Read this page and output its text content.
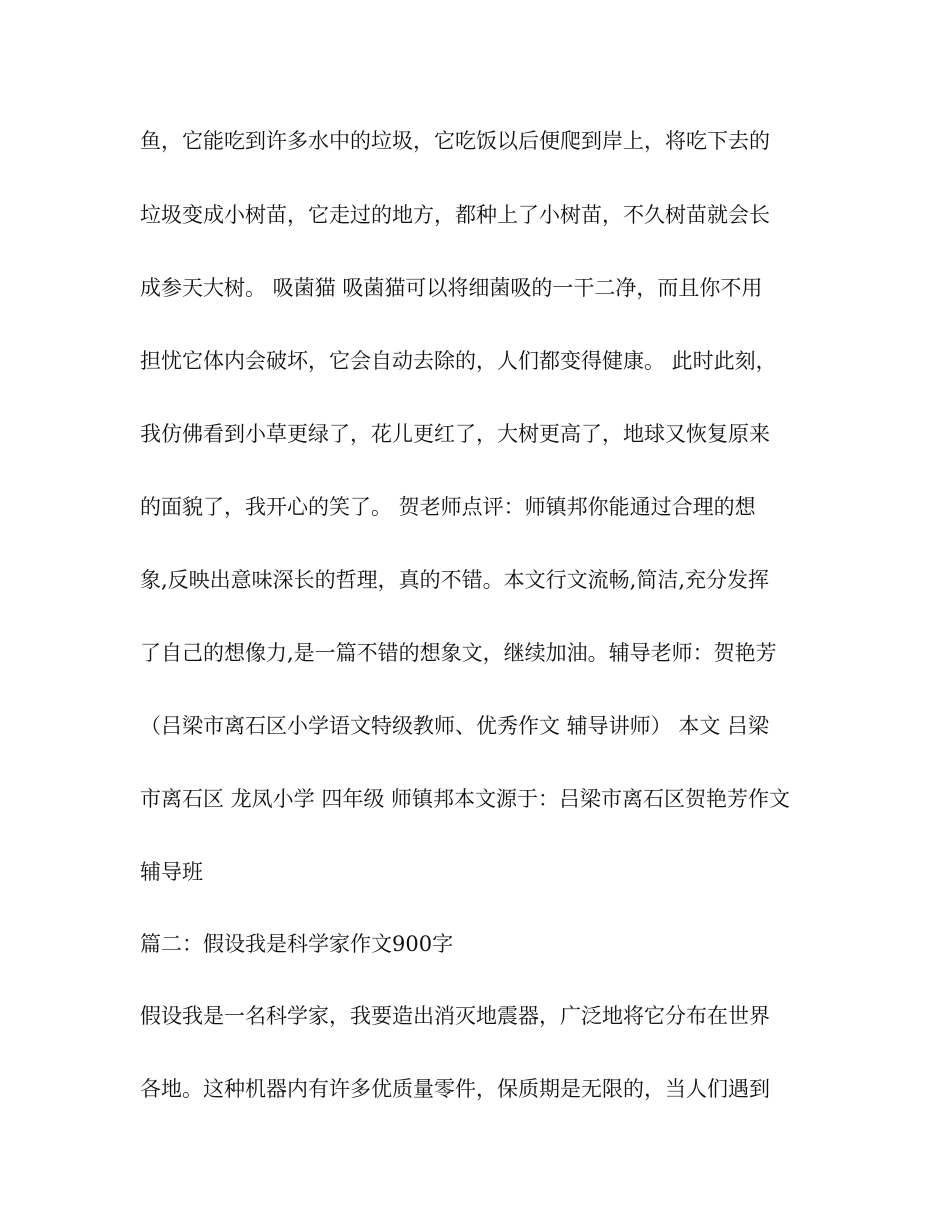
鱼，它能吃到许多水中的垃圾，它吃饭以后便爬到岸上，将吃下去的
垃圾变成小树苗，它走过的地方，都种上了小树苗，不久树苗就会长
成参天大树。 吸菌猫 吸菌猫可以将细菌吸的一干二净，而且你不用
担忧它体内会破坏，它会自动去除的，人们都变得健康。 此时此刻，
我仿佛看到小草更绿了，花儿更红了，大树更高了，地球又恢复原来
的面貌了，我开心的笑了。 贺老师点评：师镇邦你能通过合理的想
象,反映出意味深长的哲理，真的不错。本文行文流畅,简洁,充分发挥
了自己的想像力,是一篇不错的想象文，继续加油。辅导老师：贺艳芳
（吕梁市离石区小学语文特级教师、优秀作文 辅导讲师） 本文 吕梁
市离石区 龙凤小学 四年级 师镇邦本文源于：吕梁市离石区贺艳芳作文
辅导班
篇二：假设我是科学家作文900字
假设我是一名科学家，我要造出消灭地震器，广泛地将它分布在世界
各地。这种机器内有许多优质量零件，保质期是无限的，当人们遇到
